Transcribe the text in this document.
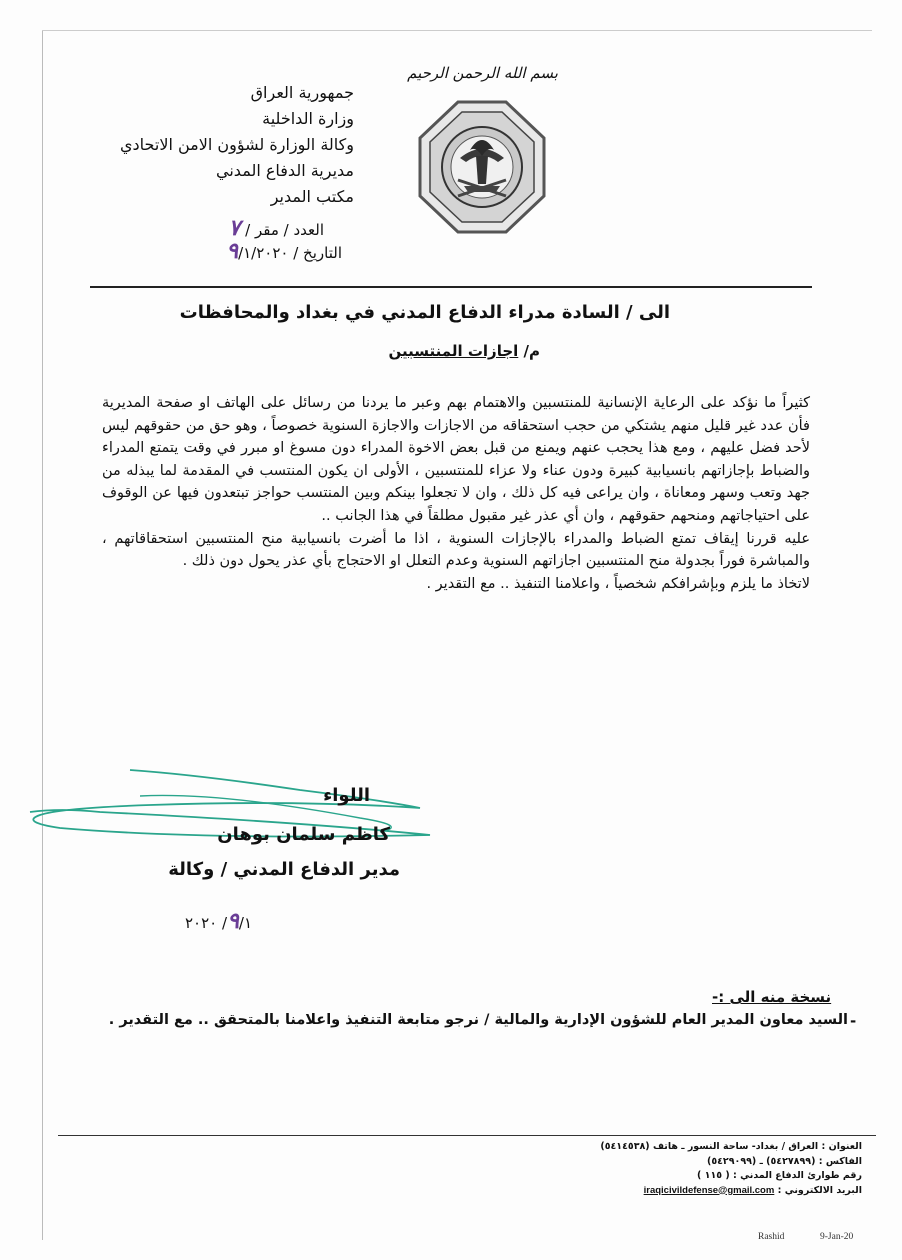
بسم الله الرحمن الرحيم
جمهورية العراق
وزارة الداخلية
وكالة الوزارة لشؤون الامن الاتحادي
مديرية الدفاع المدني
مكتب المدير
العدد / مقر / ٧
التاريخ / ٩/١/٢٠٢٠
الى / السادة مدراء الدفاع المدني في بغداد والمحافظات
م/ اجازات المنتسبين

كثيراً ما نؤكد على الرعاية الإنسانية للمنتسبين والاهتمام بهم وعبر ما يردنا من رسائل على الهاتف او صفحة المديرية فأن عدد غير قليل منهم يشتكي من حجب استحقاقه من الاجازات والاجازة السنوية خصوصاً ، وهو حق من حقوقهم ليس لأحد فضل عليهم ، ومع هذا يحجب عنهم ويمنع من قبل بعض الاخوة المدراء دون مسوغ او مبرر في وقت يتمتع المدراء والضباط بإجازاتهم بانسيابية كبيرة ودون عناء ولا عزاء للمنتسبين ، الأولى ان يكون المنتسب في المقدمة لما يبذله من جهد وتعب وسهر ومعاناة ، وان يراعى فيه كل ذلك ، وان لا تجعلوا بينكم وبين المنتسب حواجز تبتعدون فيها عن الوقوف على احتياجاتهم ومنحهم حقوقهم ، وان أي عذر غير مقبول مطلقاً في هذا الجانب ..

عليه قررنا إيقاف تمتع الضباط والمدراء بالإجازات السنوية ، اذا ما أضرت بانسيابية منح المنتسبين استحقاقاتهم ، والمباشرة فوراً بجدولة منح المنتسبين اجازاتهم السنوية وعدم التعلل او الاحتجاج بأي عذر يحول دون ذلك .

لاتخاذ ما يلزم وبإشرافكم شخصياً ، واعلامنا التنفيذ .. مع التقدير .

اللواء
كاظم سلمان بوهان
مدير الدفاع المدني / وكالة
٩/١/ ٢٠٢٠
نسخة منه الى :-
-
السيد معاون المدير العام للشؤون الإدارية والمالية / نرجو متابعة التنفيذ واعلامنا بالمتحقق .. مع التقدير .
العنوان : العراق / بغداد- ساحة النسور ـ هاتف (٥٤١٤٥٣٨)
الفاكس : (٥٤٢٧٨٩٩) ـ (٥٤٢٩٠٩٩)
رقم طوارئ الدفاع المدني : ( ١١٥ )
البريد الالكتروني : iraqicivildefense@gmail.com
Rashid	9-Jan-20
